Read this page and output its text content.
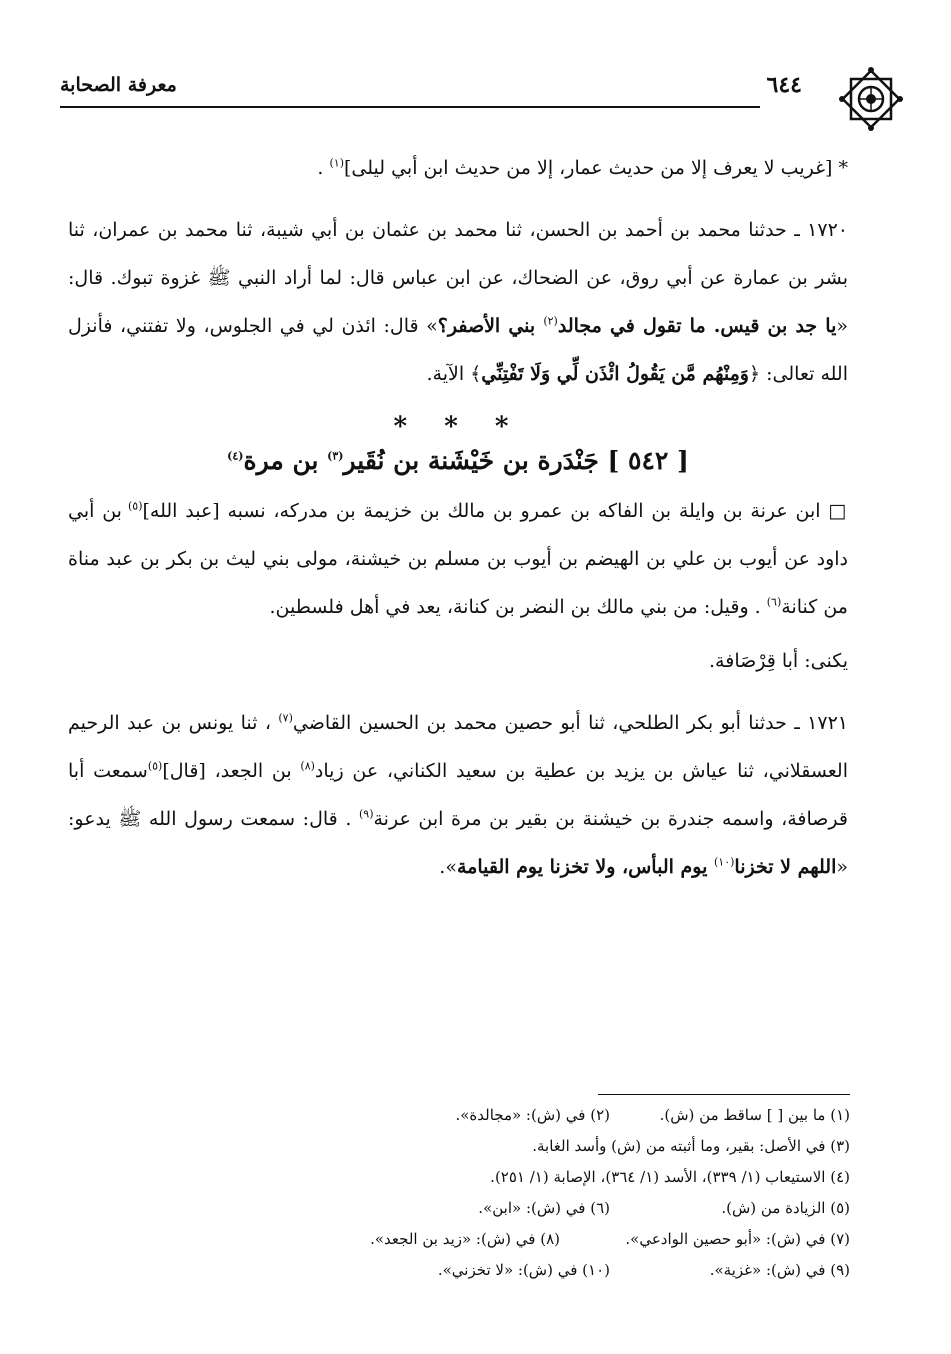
٦٤٤
معرفة الصحابة

* [غريب لا يعرف إلا من حديث عمار، إلا من حديث ابن أبي ليلى]$^{(١)}$ .

١٧٢٠ ـ حدثنا محمد بن أحمد بن الحسن، ثنا محمد بن عثمان بن أبي شيبة، ثنا محمد بن عمران، ثنا بشر بن عمارة عن أبي روق، عن الضحاك، عن ابن عباس قال: لما أراد النبي ﷺ غزوة تبوك. قال: «يا جد بن قيس. ما تقول في مجالد$^{(٢)}$ بني الأصفر؟» قال: ائذن لي في الجلوس، ولا تفتني، فأنزل الله تعالى: ﴿وَمِنْهُم مَّن يَقُولُ ائْذَن لِّي وَلَا تَفْتِنِّي﴾ الآية.

* * *
[ ٥٤٢ ] جَنْدَرة بن خَيْشَنة بن نُقَير$^{(٣)}$ بن مرة$^{(٤)}$

□ ابن عرنة بن وايلة بن الفاكه بن عمرو بن مالك بن خزيمة بن مدركه، نسبه [عبد الله]$^{(٥)}$ بن أبي داود عن أيوب بن علي بن الهيضم بن أيوب بن مسلم بن خيشنة، مولى بني ليث بن بكر بن عبد مناة من كنانة$^{(٦)}$ . وقيل: من بني مالك بن النضر بن كنانة، يعد في أهل فلسطين.

يكنى: أبا قِرْصَافة.

١٧٢١ ـ حدثنا أبو بكر الطلحي، ثنا أبو حصين محمد بن الحسين القاضي$^{(٧)}$ ، ثنا يونس بن عبد الرحيم العسقلاني، ثنا عياش بن يزيد بن عطية بن سعيد الكناني، عن زياد$^{(٨)}$ بن الجعد، [قال]$^{(٥)}$سمعت أبا قرصافة، واسمه جندرة بن خيشنة بن بقير بن مرة ابن عرنة$^{(٩)}$ . قال: سمعت رسول الله ﷺ يدعو: «اللهم لا تخزنا$^{(١٠)}$ يوم البأس، ولا تخزنا يوم القيامة».

(١) ما بين [ ] ساقط من (ش).
(٢) في (ش): «مجالدة».
(٣) في الأصل: بقير، وما أثبته من (ش) وأسد الغابة.
(٤) الاستيعاب (١/ ٣٣٩)، الأسد (١/ ٣٦٤)، الإصابة (١/ ٢٥١).
(٥) الزيادة من (ش).
(٦) في (ش): «ابن».
(٧) في (ش): «أبو حصين الوادعي».
(٨) في (ش): «زيد بن الجعد».
(٩) في (ش): «غزية».
(١٠) في (ش): «لا تخزني».
